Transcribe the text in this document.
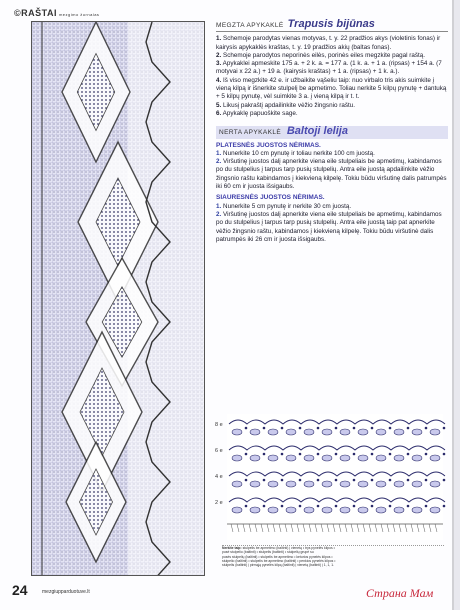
©RAŠTAI mezgimo žurnalas
MEGZTA APYKAKLĖ Trapusis bijūnas
1. Schemoje parodytas vienas motyvas, t. y. 22 pradžios akys (violetinis fonas) ir kairysis apykaklės kraštas, t. y. 19 pradžios akių (baltas fonas).
2. Schemoje parodytos neporinės eilės, porinės eiles megzkite pagal raštą.
3. Apykaklei apmeskite 175 a. + 2 k. a. = 177 a. (1 k. a. + 1 a. (ripsas) + 154 a. (7 motyvai x 22 a.) + 19 a. (kairysis kraštas) + 1 a. (ripsas) + 1 k. a.).
4. Iš viso megzkite 42 e. ir užbaikite vąšeliu taip: nuo virbalo tris akis suimkite į vieną kilpą ir išnerkite stulpelį be apmetimo. Toliau nerkite 5 kilpų pynutę + dantuką + 5 kilpų pynutę, vėl suimkite 3 a. į vieną kilpą ir t. t.
5. Likusį pakraštį apdailinkite vėžio žingsnio raštu.
6. Apykaklę papuoškite sage.
NERTA APYKAKLĖ Baltoji lelija
PLATESNĖS JUOSTOS NĖRIMAS.
1. Nunerkite 10 cm pynutę ir toliau nerkite 100 cm juostą.
2. Viršutinę juostos dalį apnerkite viena eile stulpeliais be apmetimų, kabindamos po du stulpelius į tarpus tarp pusių stulpelių. Antra eile juostą apdailinkite vėžio žingsnio raštu kabindamos į kiekvieną kilpelę. Tokiu būdu viršutinę dalis patrumpės iki 60 cm ir juosta išsigaubs.
SIAURESNĖS JUOSTOS NĖRIMAS.
1. Nunerkite 5 cm pynutę ir nerkite 30 cm juostą.
2. Viršutinę juostos dalį apnerkite viena eile stulpeliais be apmetimų, kabindamos po du stulpelius į tarpus tarp pusių stulpelių. Antra eile juostą taip pat apnerkite vėžio žingsnio raštu, kabindamos į kiekvieną kilpelę. Tokiu būdu viršutinė dalis patrumpės iki 26 cm ir juosta išsigaubs.
8 e
6 e
4 e
2 e
Nerkite taip: stulpelis be apmetimo (baltinti) į vienetą • trys pynelės kilpos •
pusė stulpelio (baltinti) • stulpelis (baltinti) • stulpelių grupė su
pusės stulpelių (baltinti) • stulpelis be apmetimo • keturios pynelės kilpos •
stulpelio (baltinti) • stulpelis be apmetimo (baltinti) • penkios pynelės kilpos •
stulpelis (baltinti) į pirmąją pynelės kilpą (baltinti) į vienetą (baltinti) į 1, 1, 1.
24	mezgiupparduotuve.lt	Страна Мам
